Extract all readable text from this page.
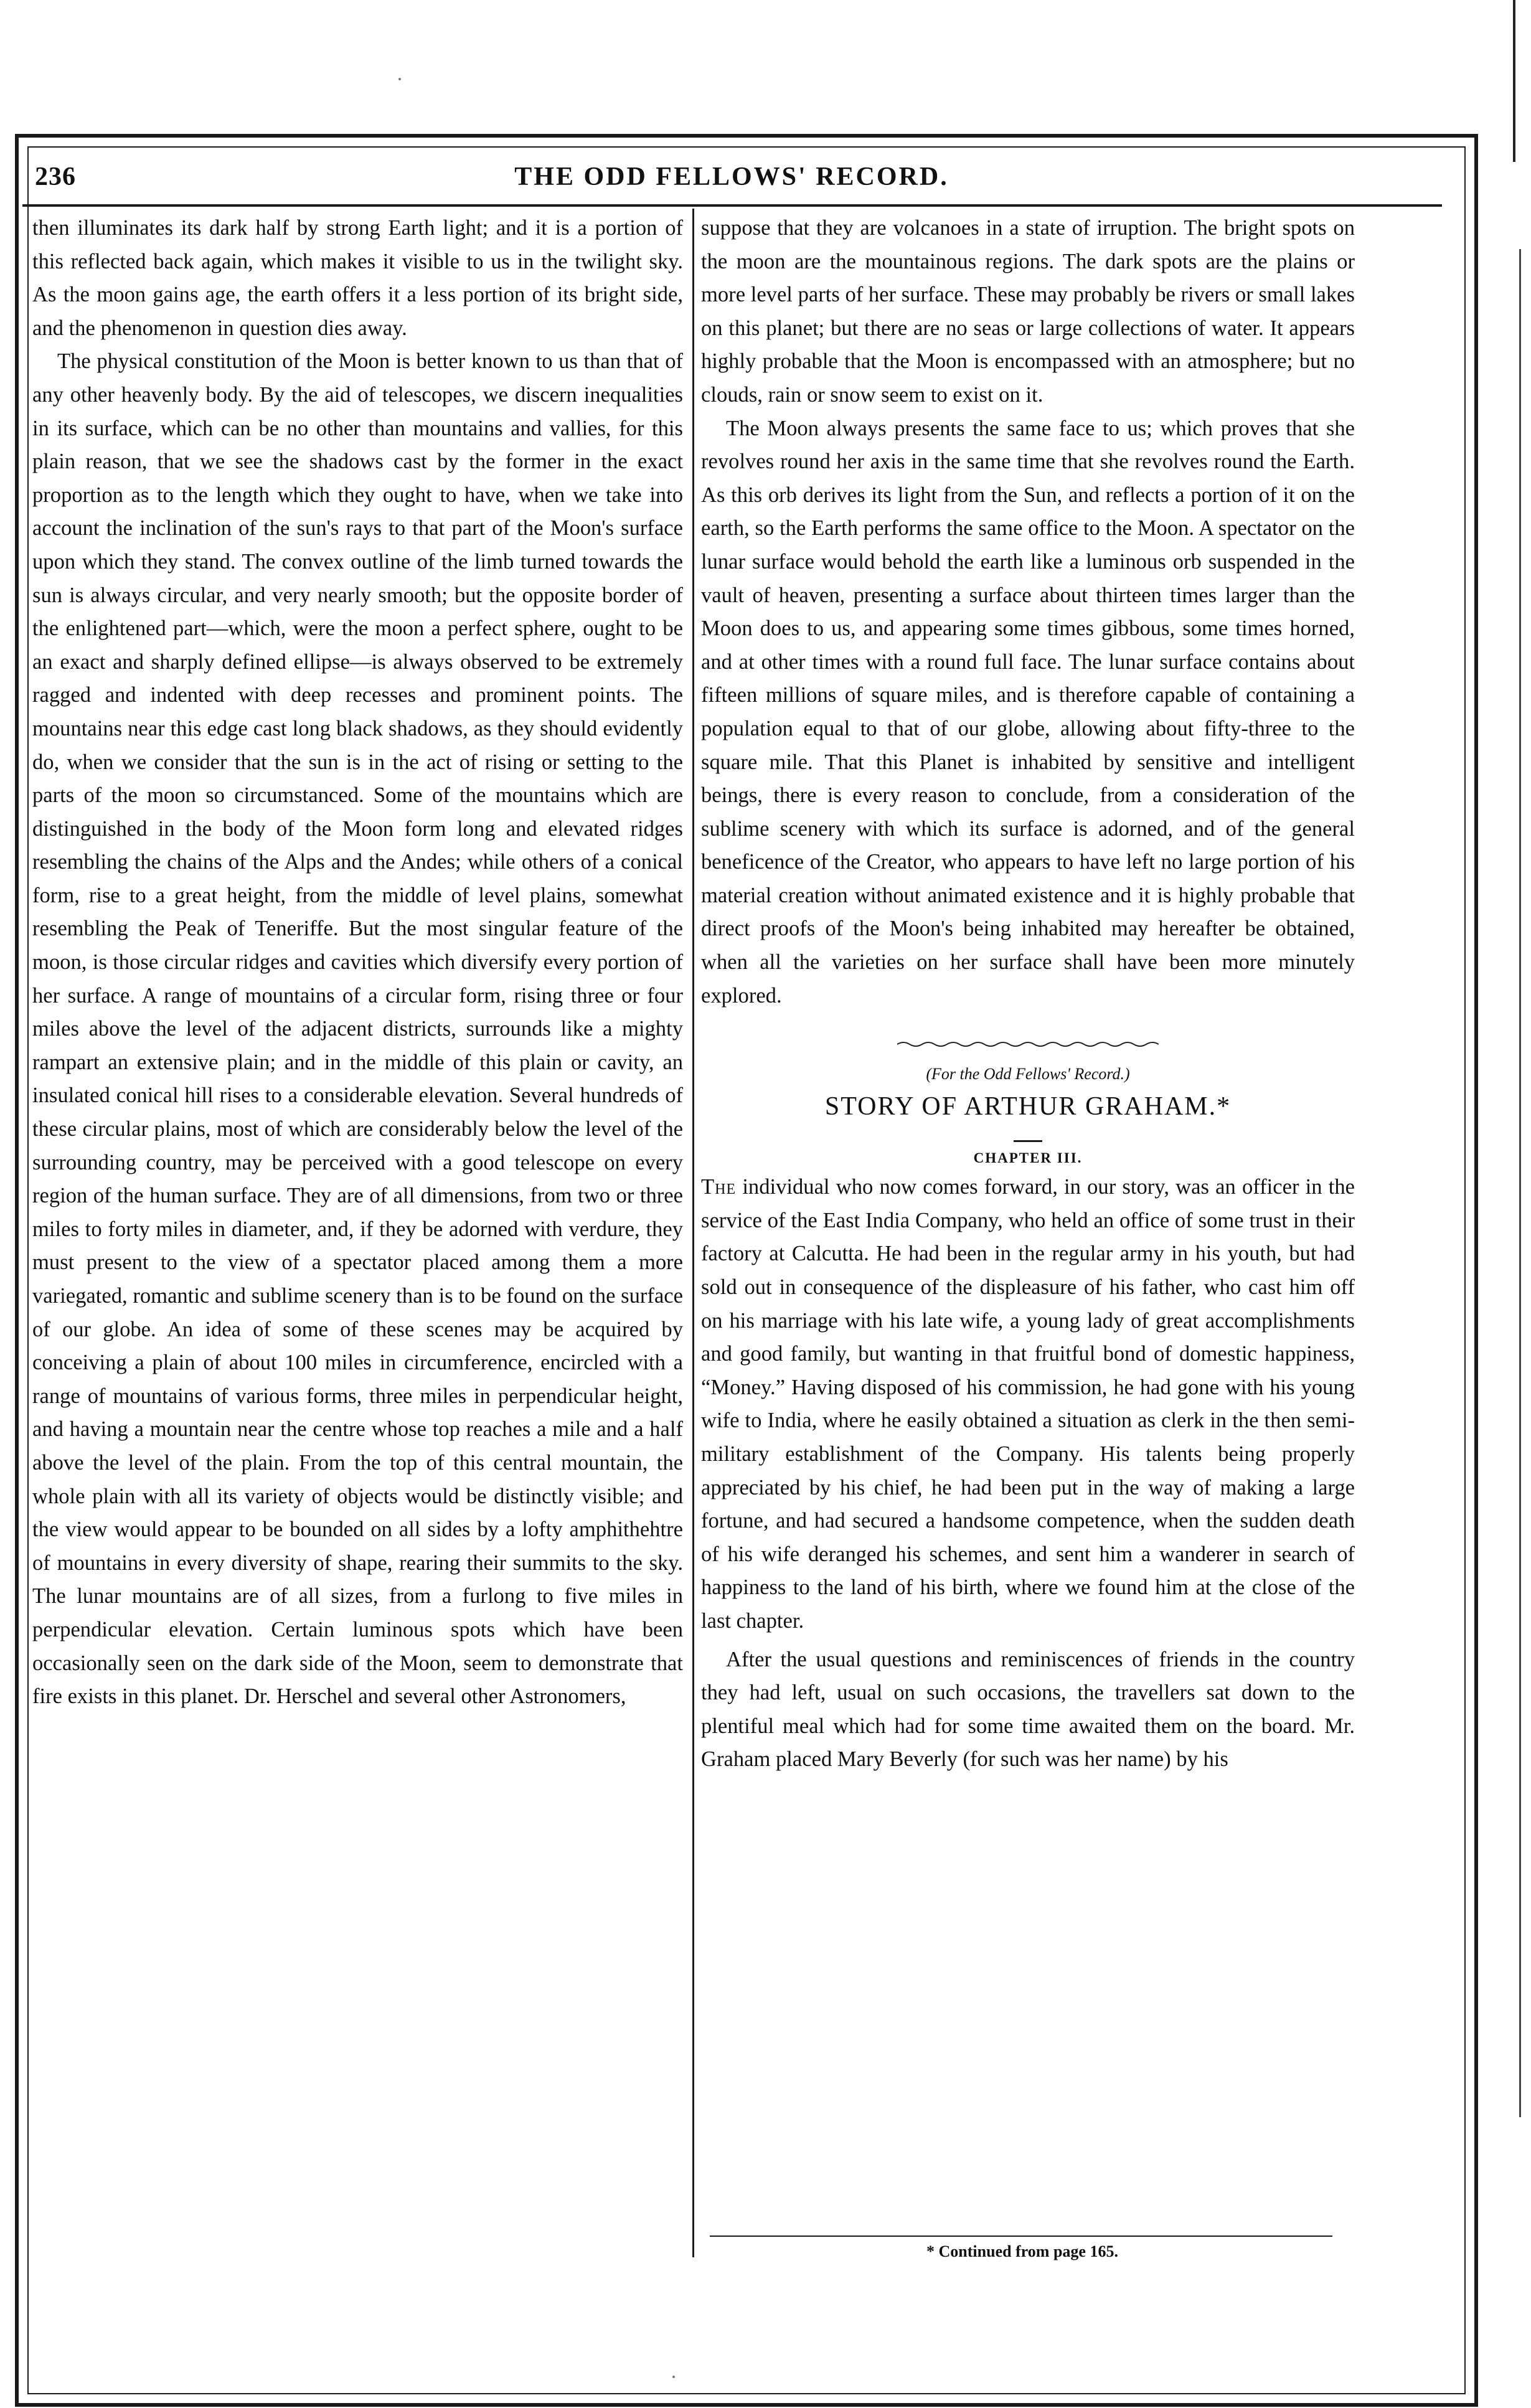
236	THE ODD FELLOWS' RECORD.

then illuminates its dark half by strong Earth light; and it is a portion of this reflected back again, which makes it visible to us in the twilight sky. As the moon gains age, the earth offers it a less portion of its bright side, and the phenomenon in question dies away.

The physical constitution of the Moon is better known to us than that of any other heavenly body. By the aid of telescopes, we discern inequalities in its surface, which can be no other than mountains and vallies, for this plain reason, that we see the shadows cast by the former in the exact proportion as to the length which they ought to have, when we take into account the inclination of the sun's rays to that part of the Moon's surface upon which they stand. The convex outline of the limb turned towards the sun is always circular, and very nearly smooth; but the opposite border of the enlightened part—which, were the moon a perfect sphere, ought to be an exact and sharply defined ellipse—is always observed to be extremely ragged and indented with deep recesses and prominent points. The mountains near this edge cast long black shadows, as they should evidently do, when we consider that the sun is in the act of rising or setting to the parts of the moon so circumstanced. Some of the mountains which are distinguished in the body of the Moon form long and elevated ridges resembling the chains of the Alps and the Andes; while others of a conical form, rise to a great height, from the middle of level plains, somewhat resembling the Peak of Teneriffe. But the most singular feature of the moon, is those circular ridges and cavities which diversify every portion of her surface. A range of mountains of a circular form, rising three or four miles above the level of the adjacent districts, surrounds like a mighty rampart an extensive plain; and in the middle of this plain or cavity, an insulated conical hill rises to a considerable elevation. Several hundreds of these circular plains, most of which are considerably below the level of the surrounding country, may be perceived with a good telescope on every region of the human surface. They are of all dimensions, from two or three miles to forty miles in diameter, and, if they be adorned with verdure, they must present to the view of a spectator placed among them a more variegated, romantic and sublime scenery than is to be found on the surface of our globe. An idea of some of these scenes may be acquired by conceiving a plain of about 100 miles in circumference, encircled with a range of mountains of various forms, three miles in perpendicular height, and having a mountain near the centre whose top reaches a mile and a half above the level of the plain. From the top of this central mountain, the whole plain with all its variety of objects would be distinctly visible; and the view would appear to be bounded on all sides by a lofty amphithehtre of mountains in every diversity of shape, rearing their summits to the sky. The lunar mountains are of all sizes, from a furlong to five miles in perpendicular elevation. Certain luminous spots which have been occasionally seen on the dark side of the Moon, seem to demonstrate that fire exists in this planet. Dr. Herschel and several other Astronomers,

suppose that they are volcanoes in a state of irruption. The bright spots on the moon are the mountainous regions. The dark spots are the plains or more level parts of her surface. These may probably be rivers or small lakes on this planet; but there are no seas or large collections of water. It appears highly probable that the Moon is encompassed with an atmosphere; but no clouds, rain or snow seem to exist on it.

The Moon always presents the same face to us; which proves that she revolves round her axis in the same time that she revolves round the Earth. As this orb derives its light from the Sun, and reflects a portion of it on the earth, so the Earth performs the same office to the Moon. A spectator on the lunar surface would behold the earth like a luminous orb suspended in the vault of heaven, presenting a surface about thirteen times larger than the Moon does to us, and appearing some times gibbous, some times horned, and at other times with a round full face. The lunar surface contains about fifteen millions of square miles, and is therefore capable of containing a population equal to that of our globe, allowing about fifty-three to the square mile. That this Planet is inhabited by sensitive and intelligent beings, there is every reason to conclude, from a consideration of the sublime scenery with which its surface is adorned, and of the general beneficence of the Creator, who appears to have left no large portion of his material creation without animated existence and it is highly probable that direct proofs of the Moon's being inhabited may hereafter be obtained, when all the varieties on her surface shall have been more minutely explored.

(For the Odd Fellows' Record.)
STORY OF ARTHUR GRAHAM.*
CHAPTER III.

The individual who now comes forward, in our story, was an officer in the service of the East India Company, who held an office of some trust in their factory at Calcutta. He had been in the regular army in his youth, but had sold out in consequence of the displeasure of his father, who cast him off on his marriage with his late wife, a young lady of great accomplishments and good family, but wanting in that fruitful bond of domestic happiness, “Money.” Having disposed of his commission, he had gone with his young wife to India, where he easily obtained a situation as clerk in the then semi-military establishment of the Company. His talents being properly appreciated by his chief, he had been put in the way of making a large fortune, and had secured a handsome competence, when the sudden death of his wife deranged his schemes, and sent him a wanderer in search of happiness to the land of his birth, where we found him at the close of the last chapter.

After the usual questions and reminiscences of friends in the country they had left, usual on such occasions, the travellers sat down to the plentiful meal which had for some time awaited them on the board. Mr. Graham placed Mary Beverly (for such was her name) by his

* Continued from page 165.
